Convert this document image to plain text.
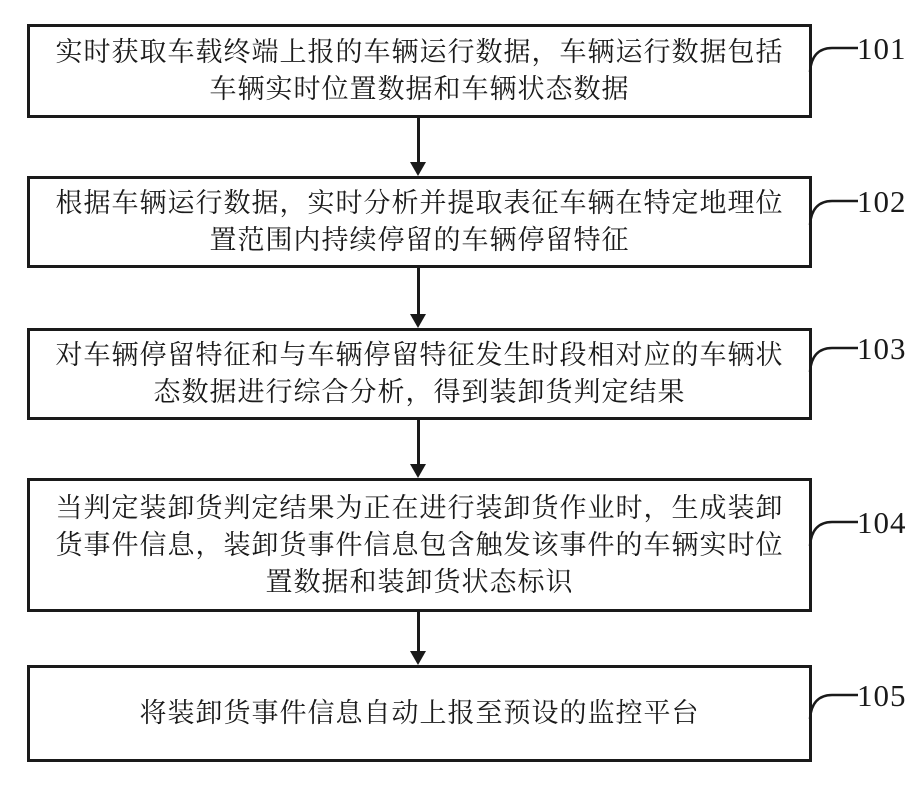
实时获取车载终端上报的车辆运行数据，车辆运行数据包括
车辆实时位置数据和车辆状态数据
根据车辆运行数据，实时分析并提取表征车辆在特定地理位
置范围内持续停留的车辆停留特征
对车辆停留特征和与车辆停留特征发生时段相对应的车辆状
态数据进行综合分析，得到装卸货判定结果
当判定装卸货判定结果为正在进行装卸货作业时，生成装卸
货事件信息，装卸货事件信息包含触发该事件的车辆实时位
置数据和装卸货状态标识
将装卸货事件信息自动上报至预设的监控平台
101
102
103
104
105
